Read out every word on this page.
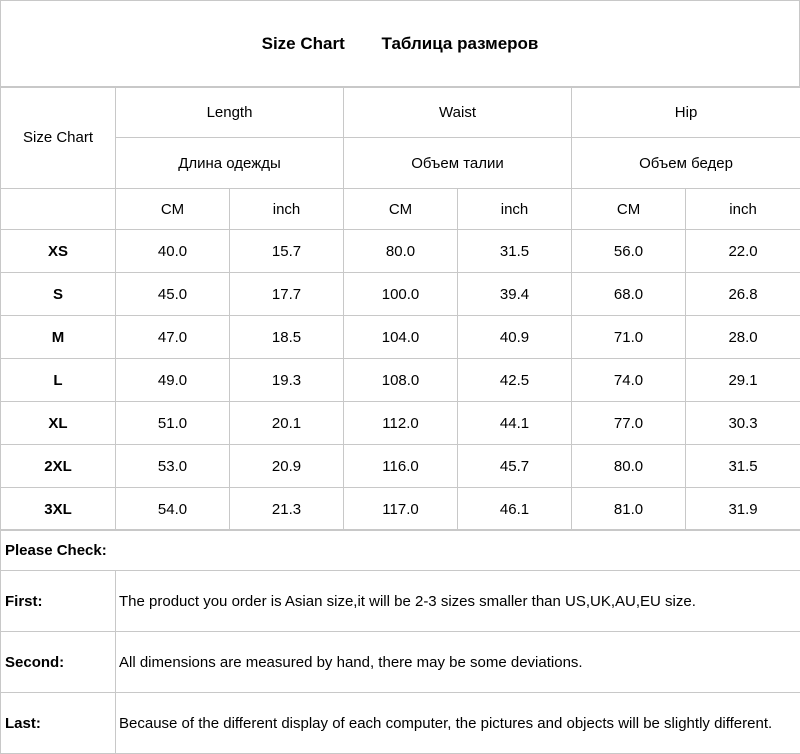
Size Chart Таблица размеров
Size Chart	Length		Waist		Hip	
	Длина одежды		Объем талии		Объем бедер	
	CM	inch	CM	inch	CM	inch
XS	40.0	15.7	80.0	31.5	56.0	22.0
S	45.0	17.7	100.0	39.4	68.0	26.8
M	47.0	18.5	104.0	40.9	71.0	28.0
L	49.0	19.3	108.0	42.5	74.0	29.1
XL	51.0	20.1	112.0	44.1	77.0	30.3
2XL	53.0	20.9	116.0	45.7	80.0	31.5
3XL	54.0	21.3	117.0	46.1	81.0	31.9
Please Check:	
First:	The product you order is Asian size,it will be 2-3 sizes smaller than US,UK,AU,EU size.
Second:	All dimensions are measured by hand, there may be some deviations.
Last:	Because of the different display of each computer, the pictures and objects will be slightly different.
